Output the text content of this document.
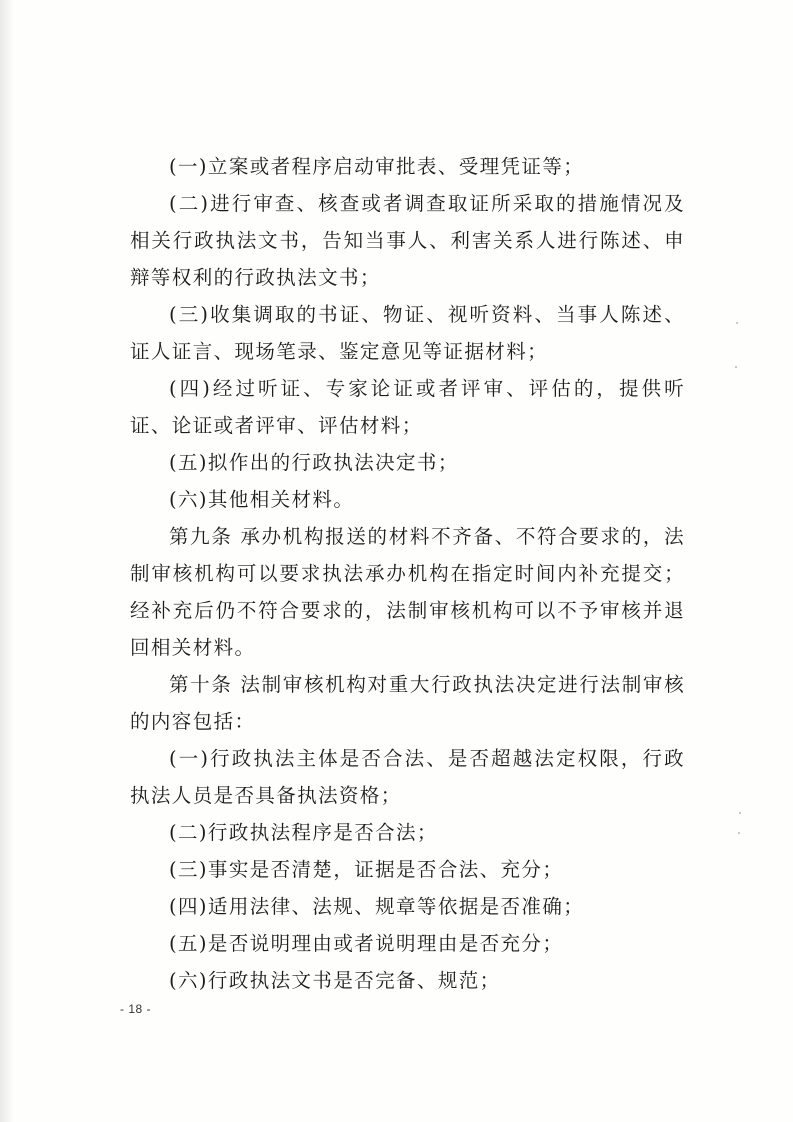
(一)立案或者程序启动审批表、受理凭证等；

(二)进行审查、核查或者调查取证所采取的措施情况及相关行政执法文书，告知当事人、利害关系人进行陈述、申辩等权利的行政执法文书；

(三)收集调取的书证、物证、视听资料、当事人陈述、证人证言、现场笔录、鉴定意见等证据材料；

(四)经过听证、专家论证或者评审、评估的，提供听证、论证或者评审、评估材料；

(五)拟作出的行政执法决定书；

(六)其他相关材料。

第九条 承办机构报送的材料不齐备、不符合要求的，法制审核机构可以要求执法承办机构在指定时间内补充提交；经补充后仍不符合要求的，法制审核机构可以不予审核并退回相关材料。

第十条 法制审核机构对重大行政执法决定进行法制审核的内容包括：

(一)行政执法主体是否合法、是否超越法定权限，行政执法人员是否具备执法资格；

(二)行政执法程序是否合法；

(三)事实是否清楚，证据是否合法、充分；

(四)适用法律、法规、规章等依据是否准确；

(五)是否说明理由或者说明理由是否充分；

(六)行政执法文书是否完备、规范；

- 18 -
